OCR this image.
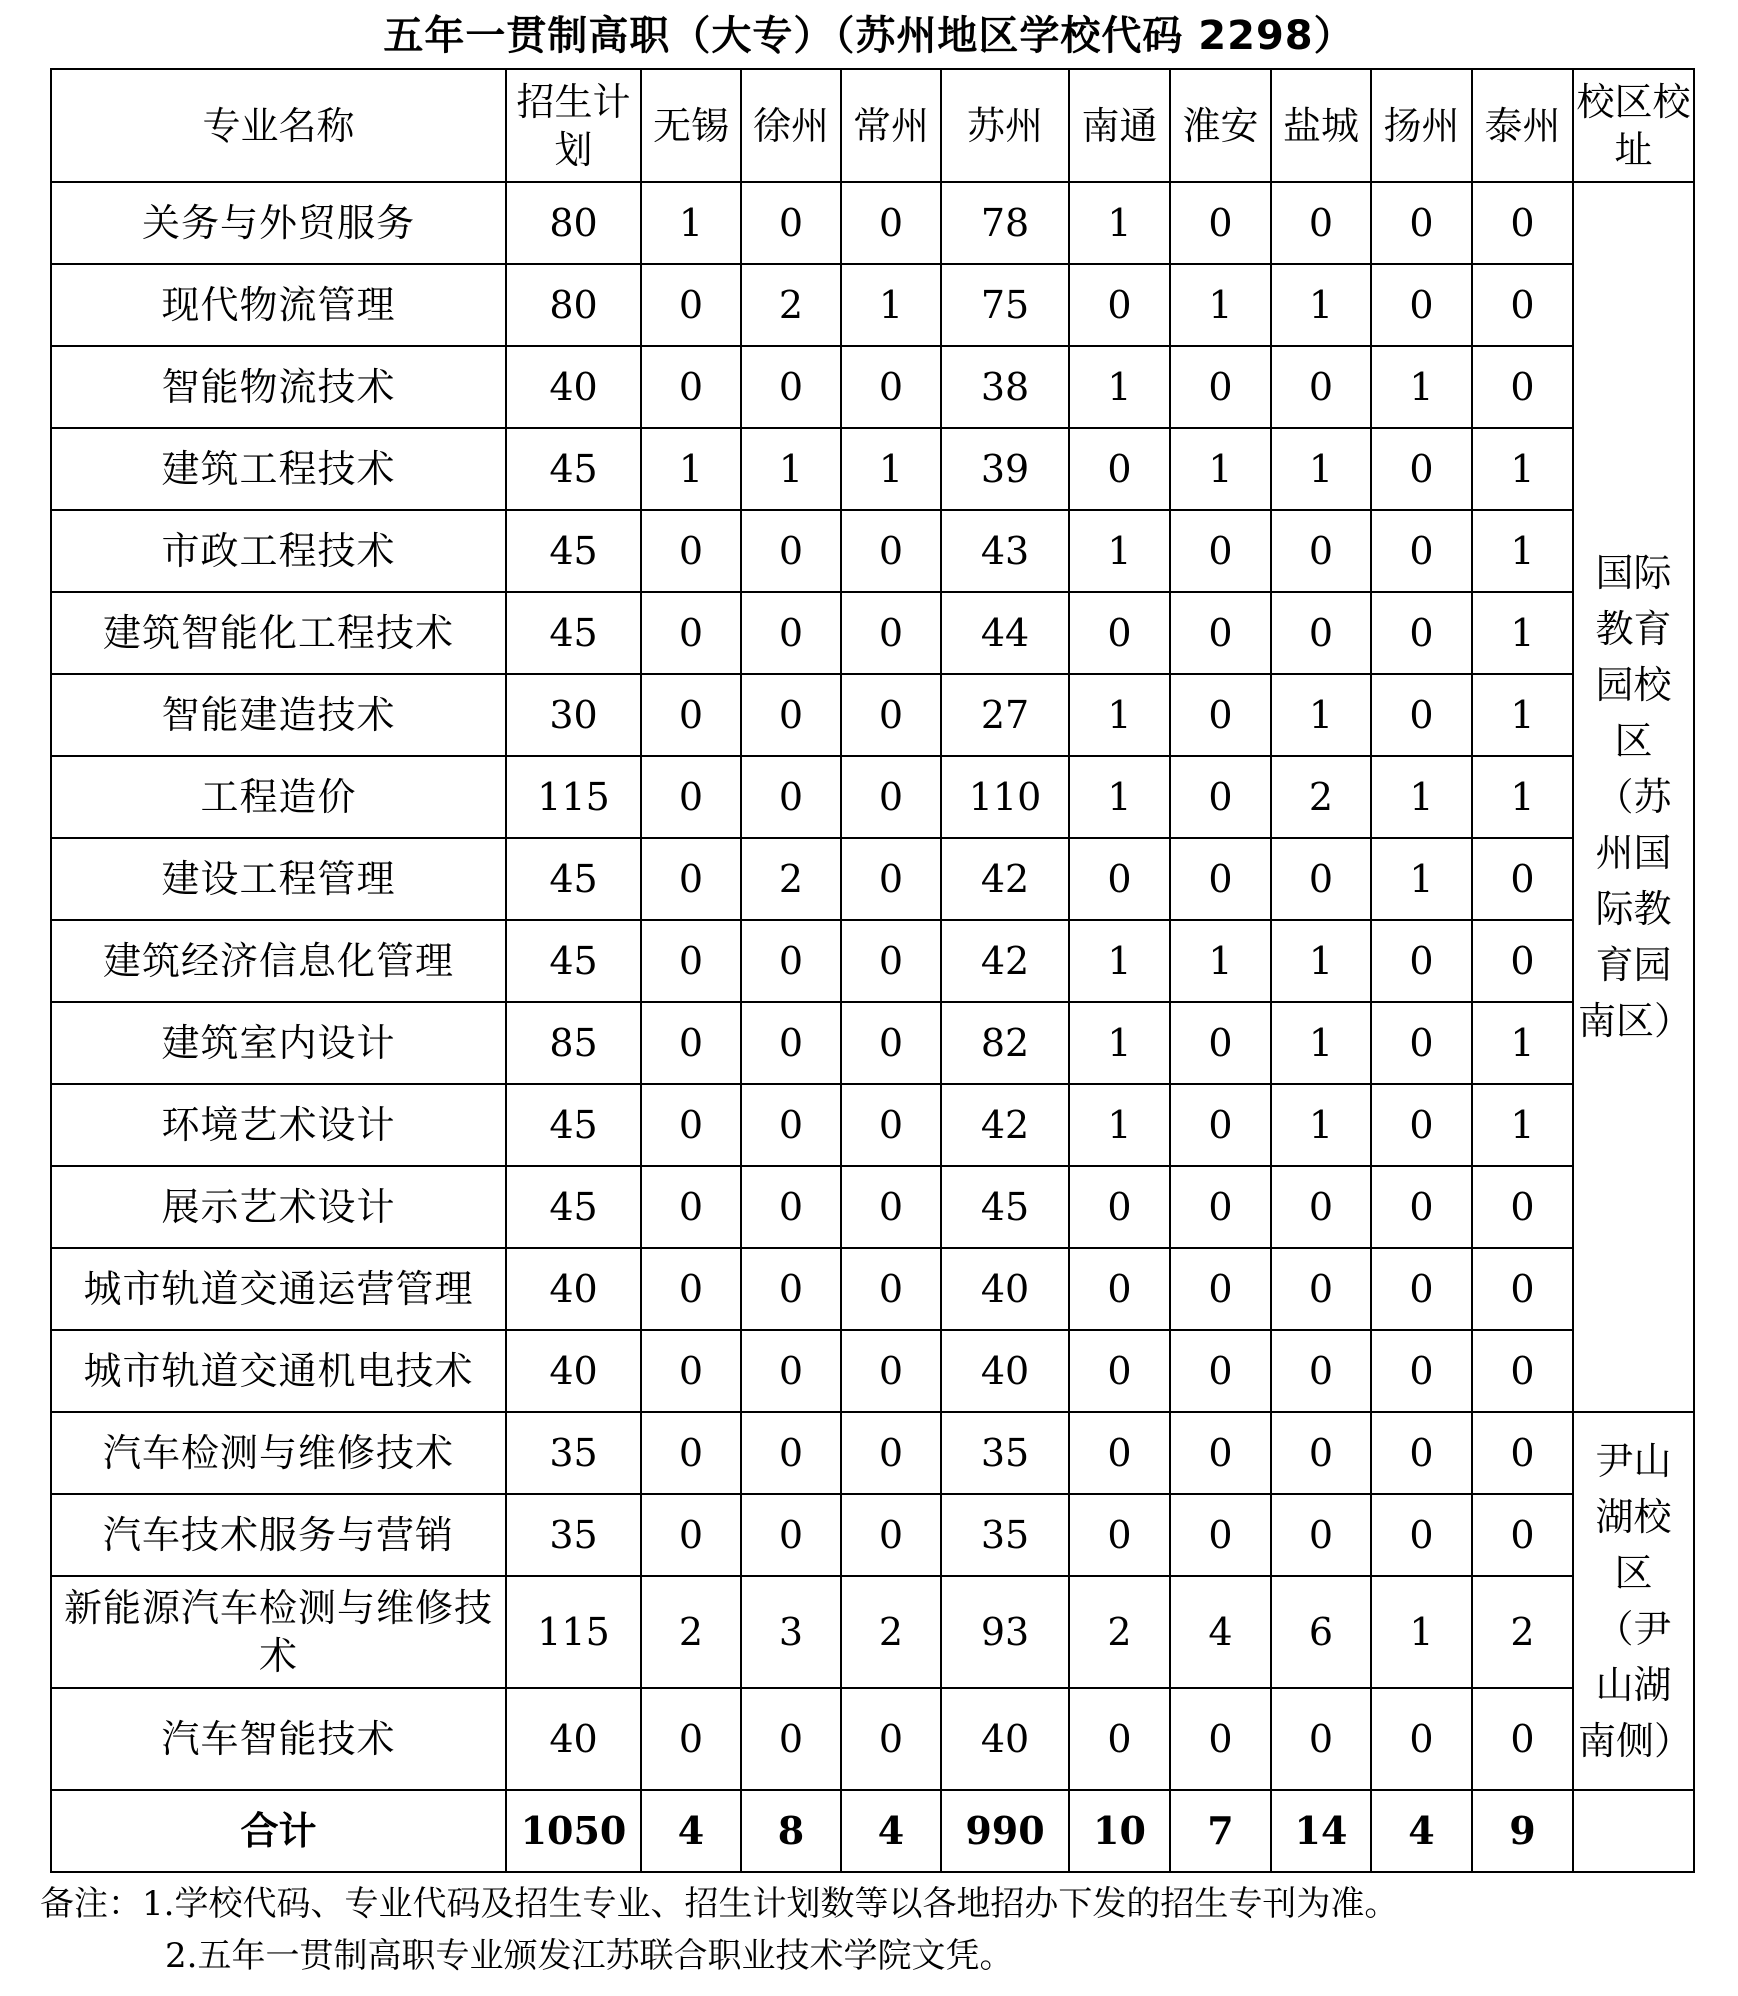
五年一贯制高职（大专）（苏州地区学校代码 2298）
专业名称	招生计划	无锡	徐州	常州	苏州	南通	淮安	盐城	扬州	泰州	校区校址
关务与外贸服务	80	1	0	0	78	1	0	0	0	0	国际教育园校区（苏州国际教育园南区）
现代物流管理	80	0	2	1	75	0	1	1	0	0	
智能物流技术	40	0	0	0	38	1	0	0	1	0	
建筑工程技术	45	1	1	1	39	0	1	1	0	1	
市政工程技术	45	0	0	0	43	1	0	0	0	1	
建筑智能化工程技术	45	0	0	0	44	0	0	0	0	1	
智能建造技术	30	0	0	0	27	1	0	1	0	1	
工程造价	115	0	0	0	110	1	0	2	1	1	
建设工程管理	45	0	2	0	42	0	0	0	1	0	
建筑经济信息化管理	45	0	0	0	42	1	1	1	0	0	
建筑室内设计	85	0	0	0	82	1	0	1	0	1	
环境艺术设计	45	0	0	0	42	1	0	1	0	1	
展示艺术设计	45	0	0	0	45	0	0	0	0	0	
城市轨道交通运营管理	40	0	0	0	40	0	0	0	0	0	
城市轨道交通机电技术	40	0	0	0	40	0	0	0	0	0	
汽车检测与维修技术	35	0	0	0	35	0	0	0	0	0	尹山湖校区（尹山湖南侧）
汽车技术服务与营销	35	0	0	0	35	0	0	0	0	0	
新能源汽车检测与维修技术	115	2	3	2	93	2	4	6	1	2	
汽车智能技术	40	0	0	0	40	0	0	0	0	0	
合计	1050	4	8	4	990	10	7	14	4	9	
备注：1.学校代码、专业代码及招生专业、招生计划数等以各地招办下发的招生专刊为准。
2.五年一贯制高职专业颁发江苏联合职业技术学院文凭。
